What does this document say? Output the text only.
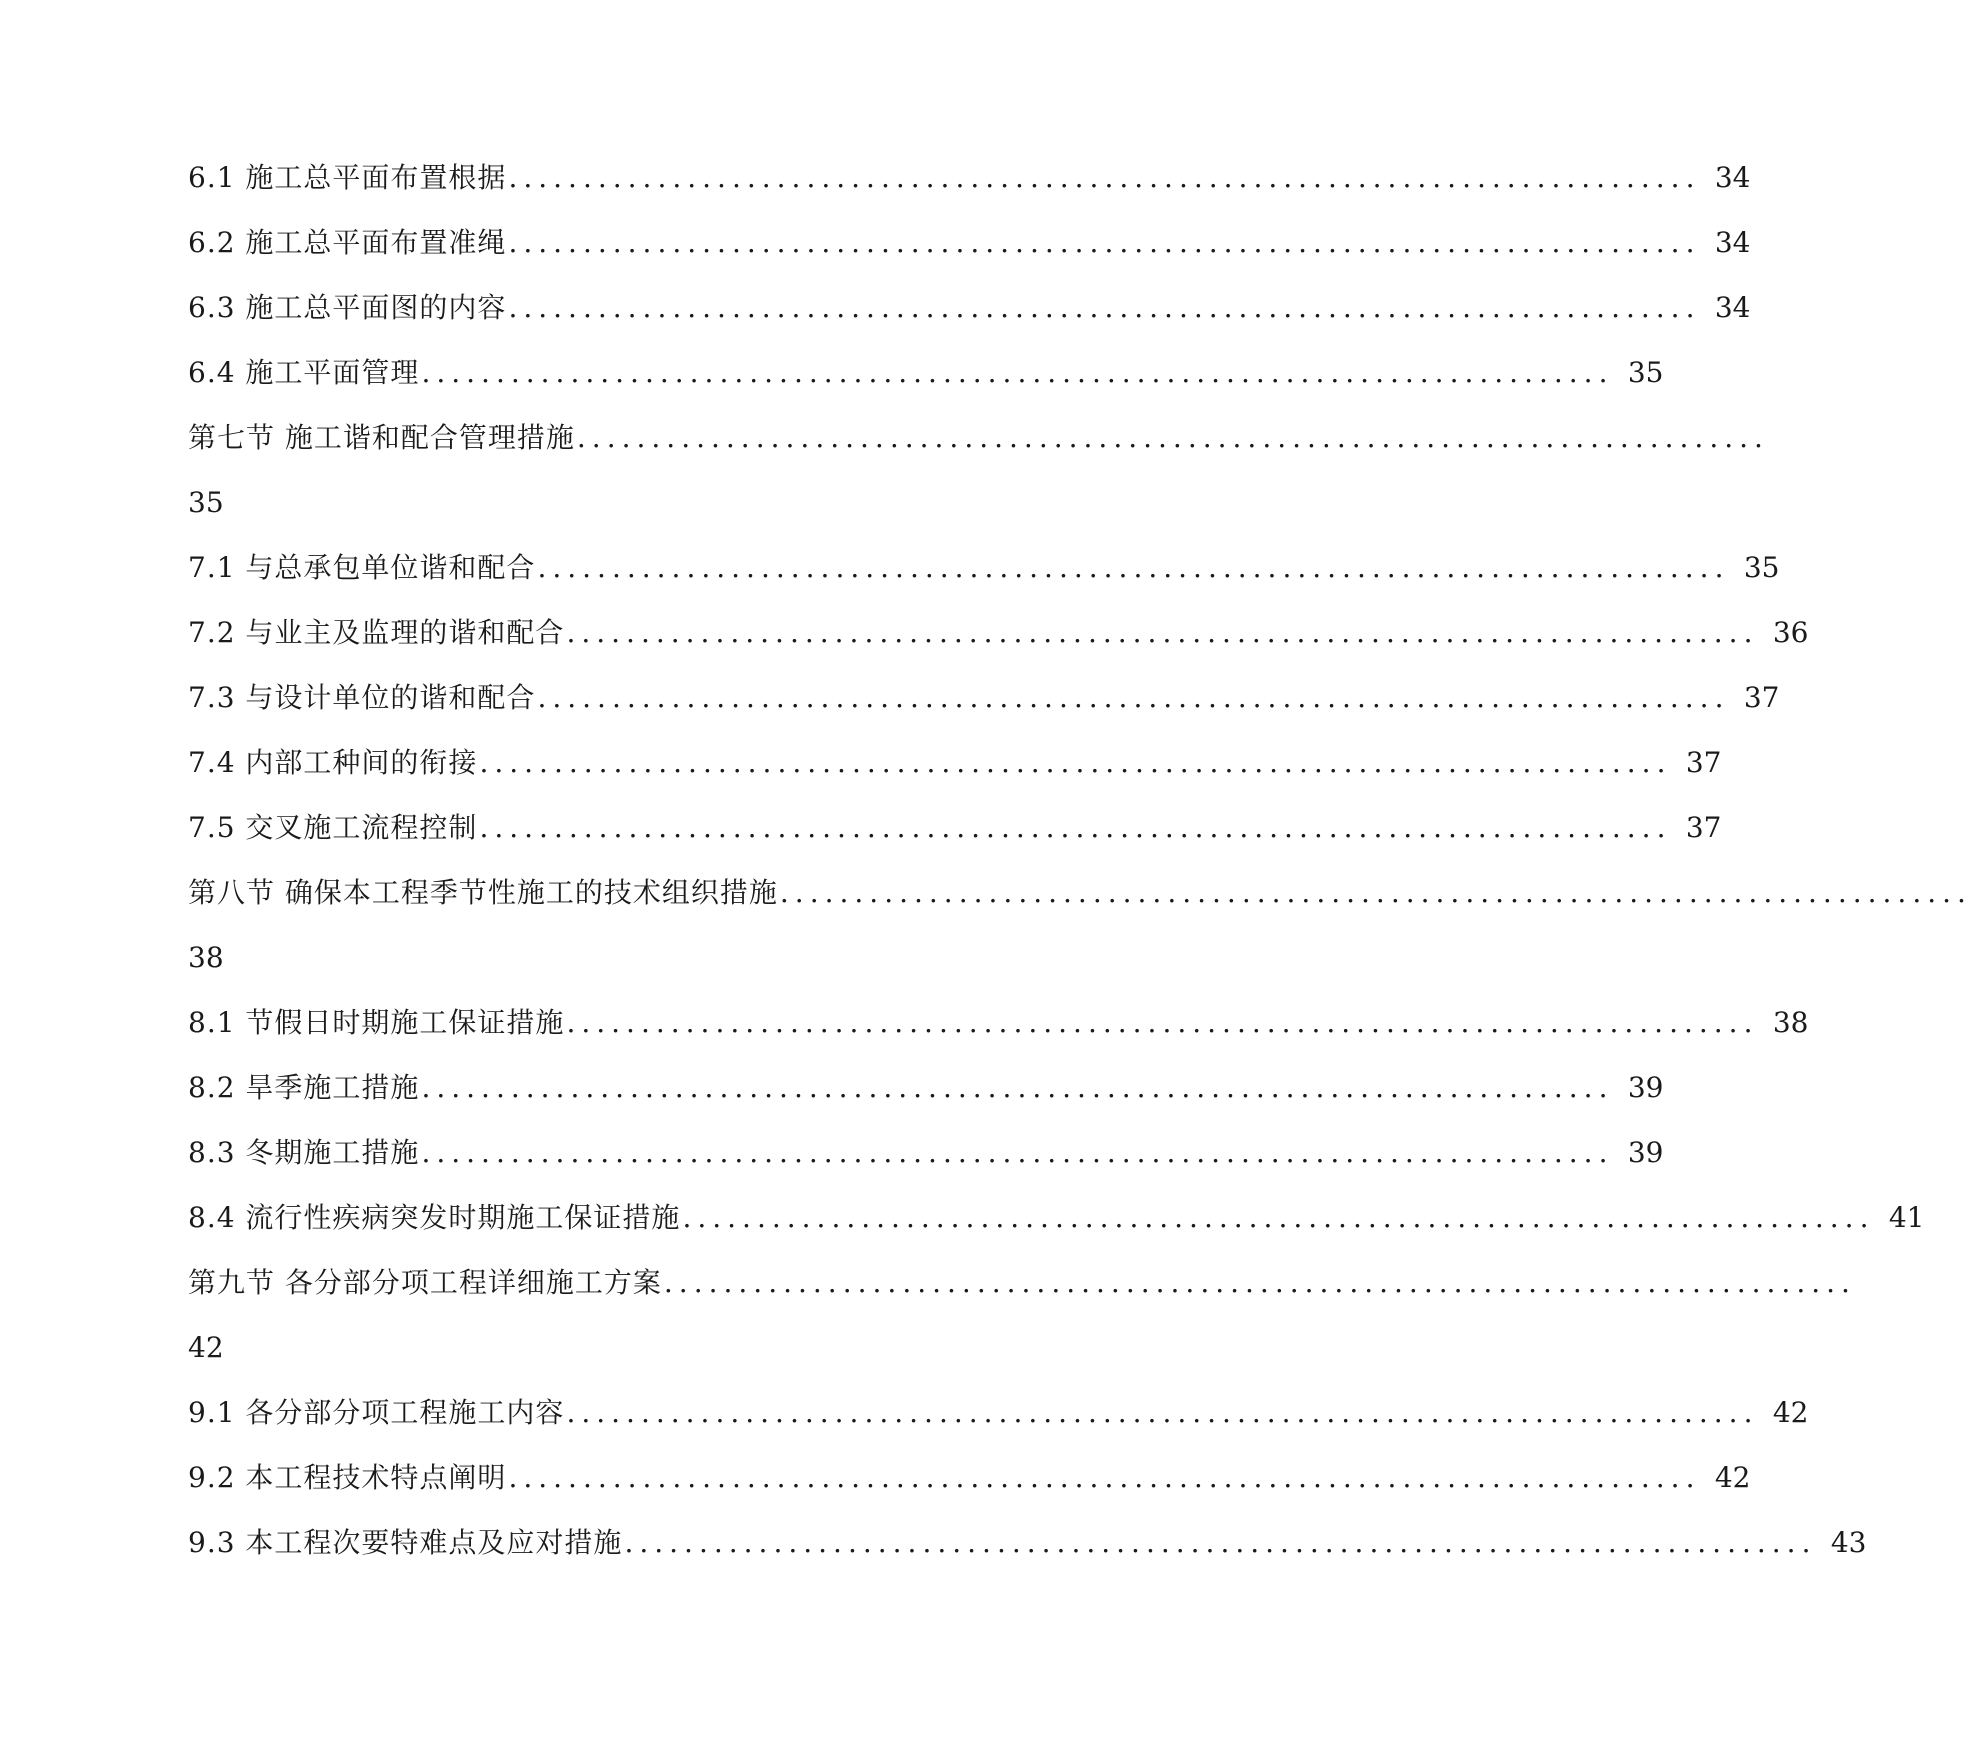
6.1 施工总平面布置根据 ................................................................................ 34
6.2 施工总平面布置准绳 ................................................................................ 34
6.3 施工总平面图的内容 ................................................................................ 34
6.4 施工平面管理 ................................................................................ 35
第七节 施工谐和配合管理措施 ................................................................................
35
7.1 与总承包单位谐和配合 ................................................................................ 35
7.2 与业主及监理的谐和配合 ................................................................................ 36
7.3 与设计单位的谐和配合 ................................................................................ 37
7.4 内部工种间的衔接 ................................................................................ 37
7.5 交叉施工流程控制 ................................................................................ 37
第八节 确保本工程季节性施工的技术组织措施 ................................................................................
38
8.1 节假日时期施工保证措施 ................................................................................ 38
8.2 旱季施工措施 ................................................................................ 39
8.3 冬期施工措施 ................................................................................ 39
8.4 流行性疾病突发时期施工保证措施 ................................................................................ 41
第九节 各分部分项工程详细施工方案 ................................................................................
42
9.1 各分部分项工程施工内容 ................................................................................ 42
9.2 本工程技术特点阐明 ................................................................................ 42
9.3 本工程次要特难点及应对措施 ................................................................................ 43
